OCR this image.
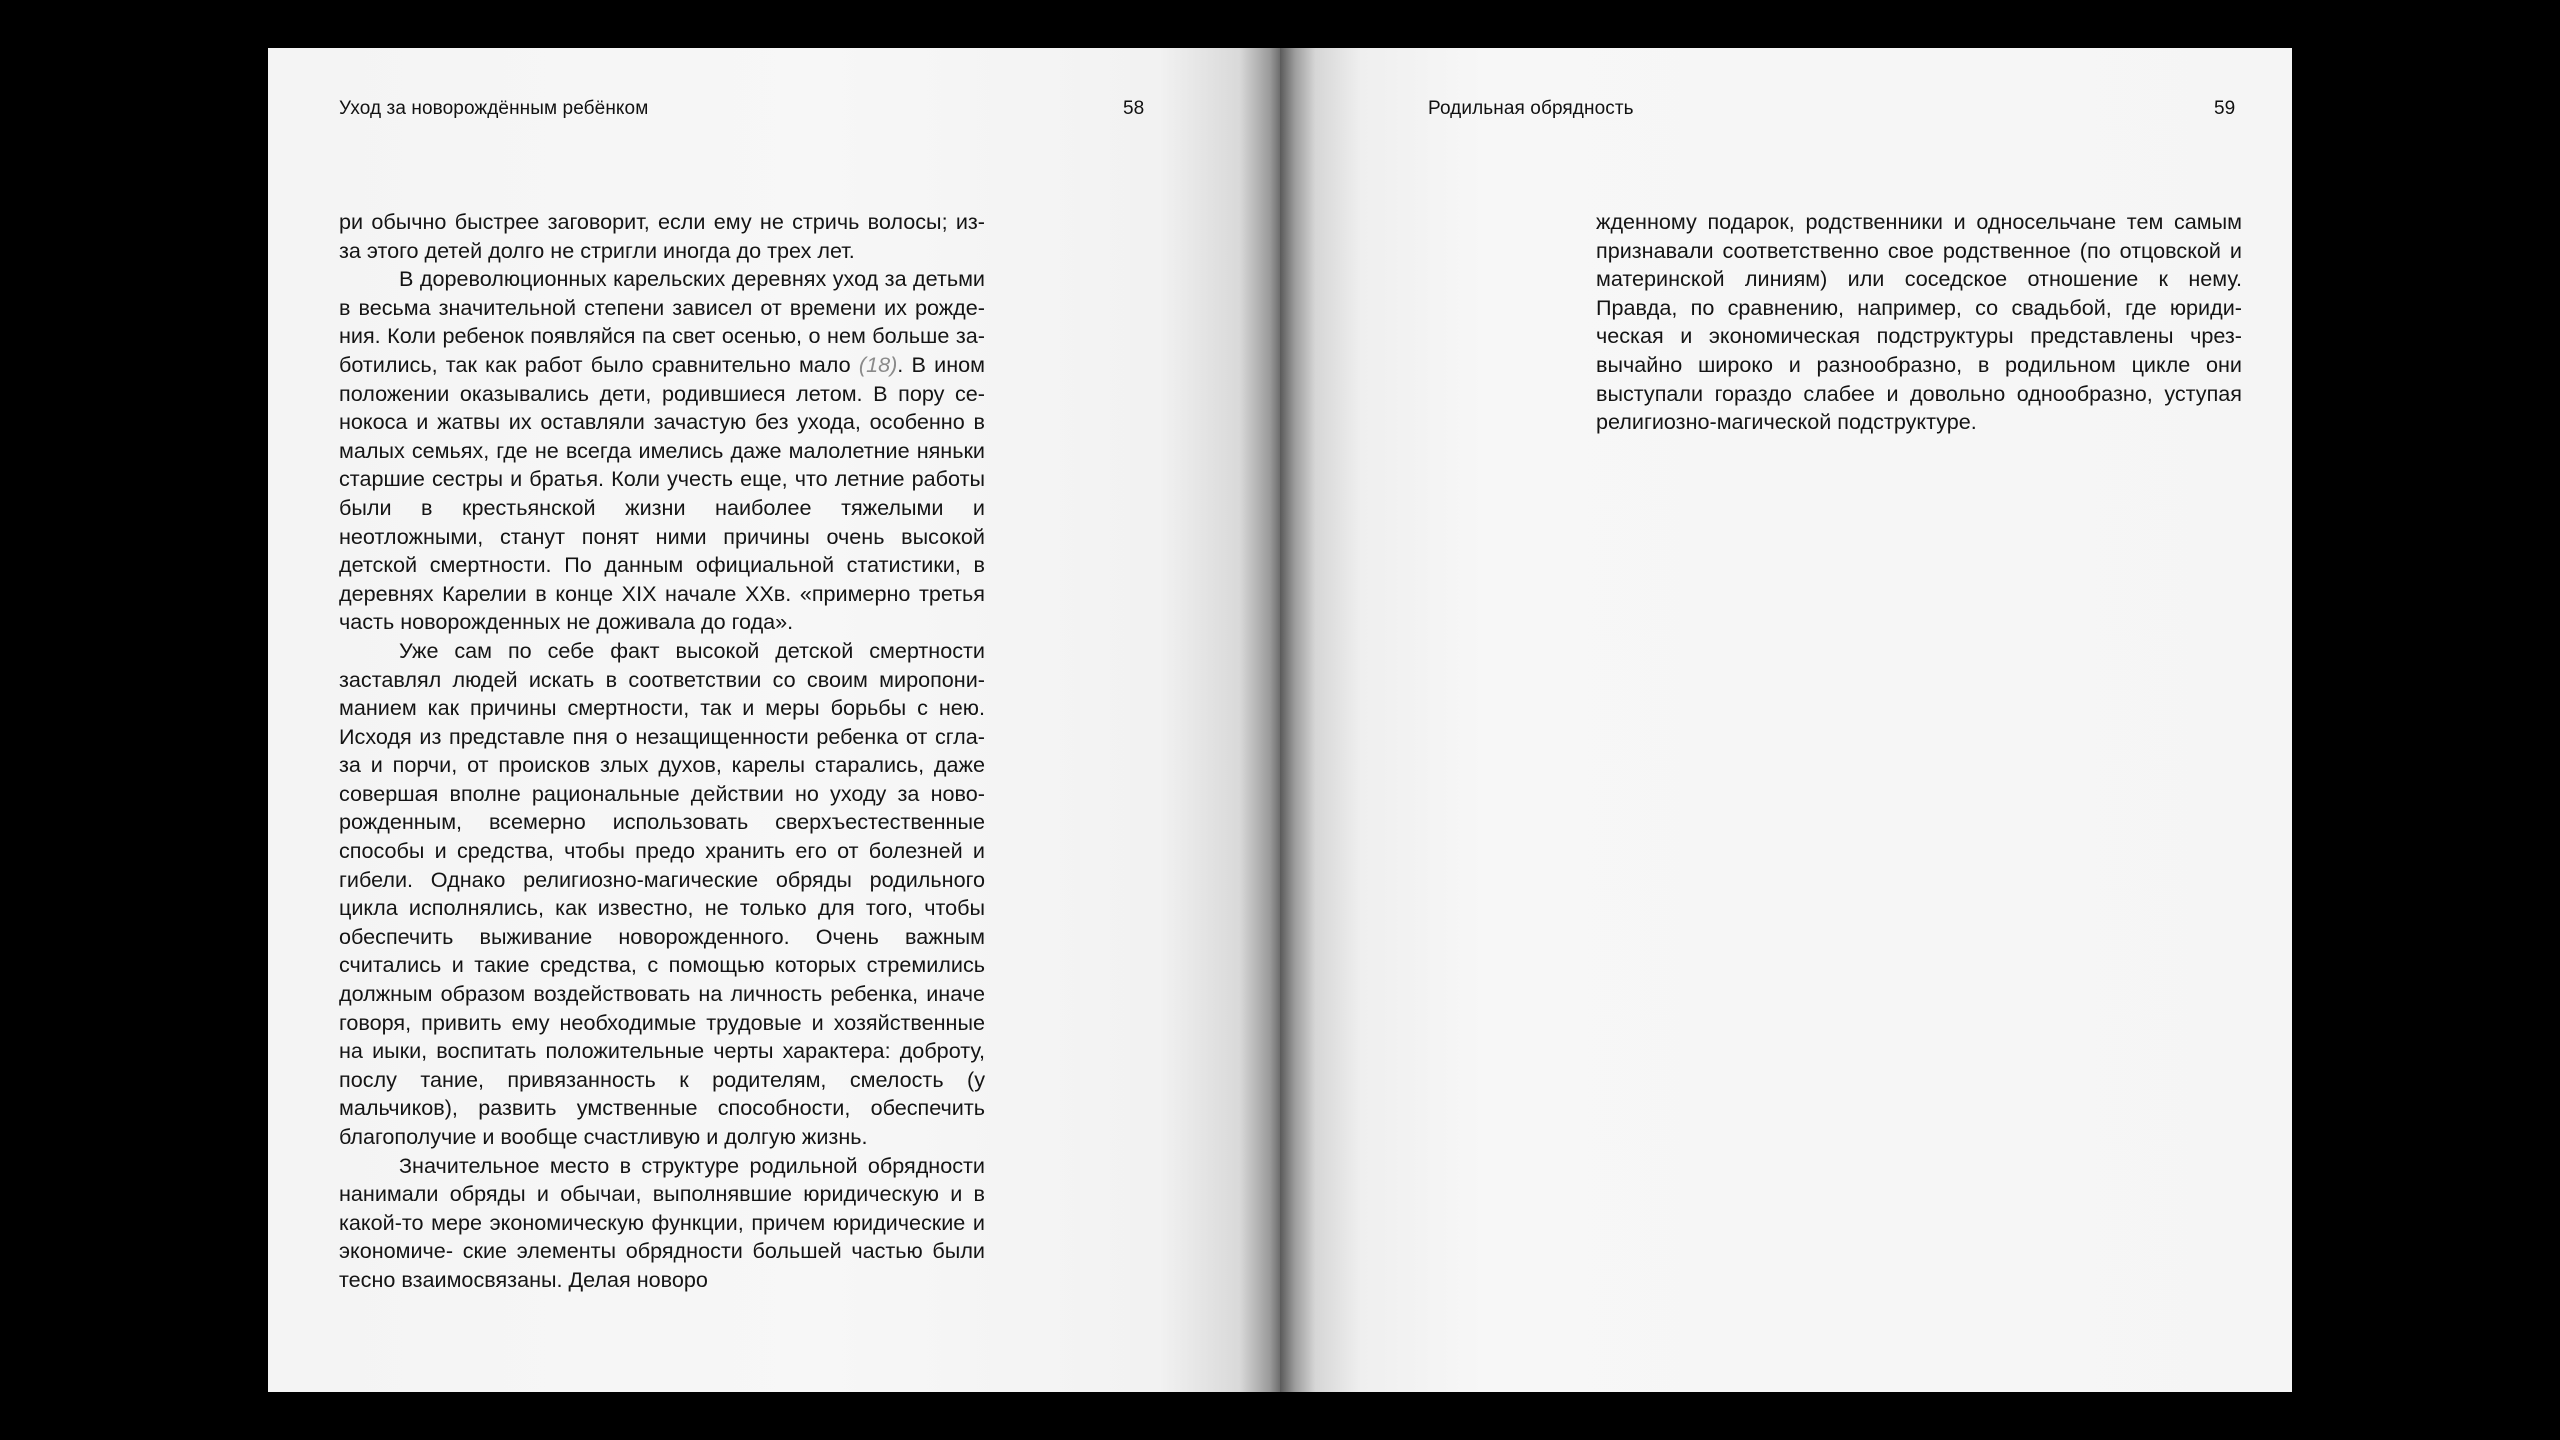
Уход за новорождённым ребёнком	58

ри обычно быстрее заговорит, если ему не стричь волосы; из-за этого детей долго не стригли иногда до трех лет.

В дореволюционных карельских деревнях уход за детьми в весьма значительной степени зависел от времени их рождения. Коли ребенок появляйся па свет осенью, о нем больше заботились, так как работ было сравнительно мало (18). В ином положении оказывались дети, родившиеся летом. В пору сенокоса и жатвы их оставляли зачастую без ухода, особенно в малых семьях, где не всегда имелись даже малолетние няньки старшие сестры и братья. Коли учесть еще, что летние работы были в крестьянской жизни наиболее тяжелыми и неотложными, станут понят ними причины очень высокой детской смертности. По данным официальной статистики, в деревнях Карелии в конце XIX начале XXв. «примерно третья часть новорожденных не доживала до года».

Уже сам по себе факт высокой детской смертности заставлял людей искать в соответствии со своим миропониманием как причины смертности, так и меры борьбы с нею. Исходя из представле пня о незащищенности ребенка от сглаза и порчи, от происков злых духов, карелы старались, даже совершая вполне рациональные действии но уходу за новорожденным, всемерно использовать сверхъестественные способы и средства, чтобы предо хранить его от болезней и гибели. Однако религиозно-магические обряды родильного цикла исполнялись, как известно, не только для того, чтобы обеспечить выживание новорожденного. Очень важным считались и такие средства, с помощью которых стремились должным образом воздействовать на личность ребенка, иначе говоря, привить ему необходимые трудовые и хозяйственные на иыки, воспитать положительные черты характера: доброту, послу тание, привязанность к родителям, смелость (у мальчиков), развить умственные способности, обеспечить благополучие и вообще счастливую и долгую жизнь.

Значительное место в структуре родильной обрядности нанимали обряды и обычаи, выполнявшие юридическую и в какой-то мере экономическую функции, причем юридические и экономиче- ские элементы обрядности большей частью были тесно взаимосвязаны. Делая новоро

Родильная обрядность	59

жденному подарок, родственники и односельчане тем самым признавали соответственно свое родственное (по отцовской и материнской линиям) или соседское отношение к нему. Правда, по сравнению, например, со свадьбой, где юридическая и экономическая подструктуры представлены чрезвычайно широко и разнообразно, в родильном цикле они выступали гораздо слабее и довольно однообразно, уступая религиозно-магической подструктуре.
